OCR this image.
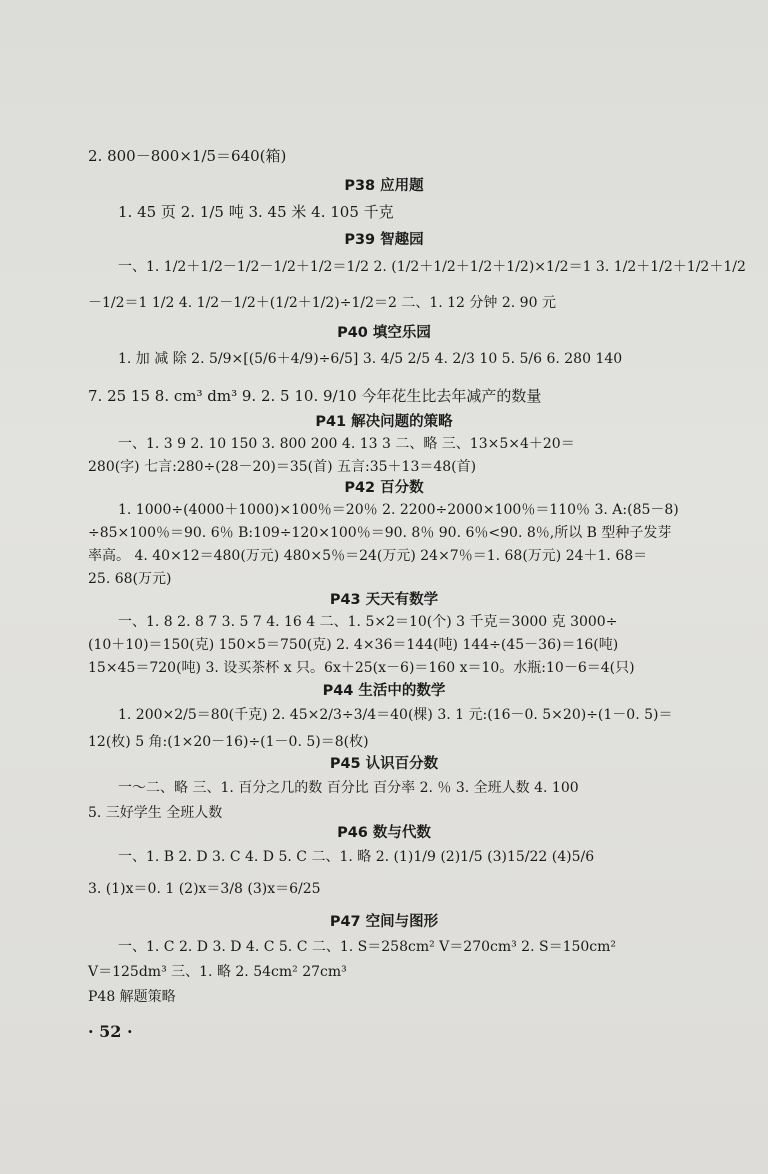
2. 800－800×1/5＝640(箱)
P38 应用题
1. 45 页 2. 1/5 吨 3. 45 米 4. 105 千克
P39 智趣园
一、1. 1/2＋1/2－1/2－1/2＋1/2＝1/2 2. (1/2＋1/2＋1/2＋1/2)×1/2＝1 3. 1/2＋1/2＋1/2＋1/2
－1/2＝1 1/2 4. 1/2－1/2＋(1/2＋1/2)÷1/2＝2 二、1. 12 分钟 2. 90 元
P40 填空乐园
1. 加 减 除 2. 5/9×[(5/6＋4/9)÷6/5] 3. 4/5 2/5 4. 2/3 10 5. 5/6 6. 280 140
7. 25 15 8. cm³ dm³ 9. 2. 5 10. 9/10 今年花生比去年减产的数量
P41 解决问题的策略
一、1. 3 9 2. 10 150 3. 800 200 4. 13 3 二、略 三、13×5×4＋20＝
280(字) 七言:280÷(28－20)＝35(首) 五言:35＋13＝48(首)
P42 百分数
1. 1000÷(4000＋1000)×100％＝20％ 2. 2200÷2000×100％＝110％ 3. A:(85－8)
÷85×100％＝90. 6％ B:109÷120×100％＝90. 8％ 90. 6％<90. 8％,所以 B 型种子发芽
率高。 4. 40×12＝480(万元) 480×5％＝24(万元) 24×7％＝1. 68(万元) 24＋1. 68＝
25. 68(万元)
P43 天天有数学
一、1. 8 2. 8 7 3. 5 7 4. 16 4 二、1. 5×2＝10(个) 3 千克＝3000 克 3000÷
(10＋10)＝150(克) 150×5＝750(克) 2. 4×36＝144(吨) 144÷(45－36)＝16(吨)
15×45＝720(吨) 3. 设买茶杯 x 只。6x＋25(x－6)＝160 x＝10。水瓶:10－6＝4(只)
P44 生活中的数学
1. 200×2/5＝80(千克) 2. 45×2/3÷3/4＝40(棵) 3. 1 元:(16－0. 5×20)÷(1－0. 5)＝
12(枚) 5 角:(1×20－16)÷(1－0. 5)＝8(枚)
P45 认识百分数
一～二、略 三、1. 百分之几的数 百分比 百分率 2. ％ 3. 全班人数 4. 100
5. 三好学生 全班人数
P46 数与代数
一、1. B 2. D 3. C 4. D 5. C 二、1. 略 2. (1)1/9 (2)1/5 (3)15/22 (4)5/6
3. (1)x＝0. 1 (2)x＝3/8 (3)x＝6/25
P47 空间与图形
一、1. C 2. D 3. D 4. C 5. C 二、1. S＝258cm² V＝270cm³ 2. S＝150cm²
V＝125dm³ 三、1. 略 2. 54cm² 27cm³
P48 解题策略
· 52 ·
